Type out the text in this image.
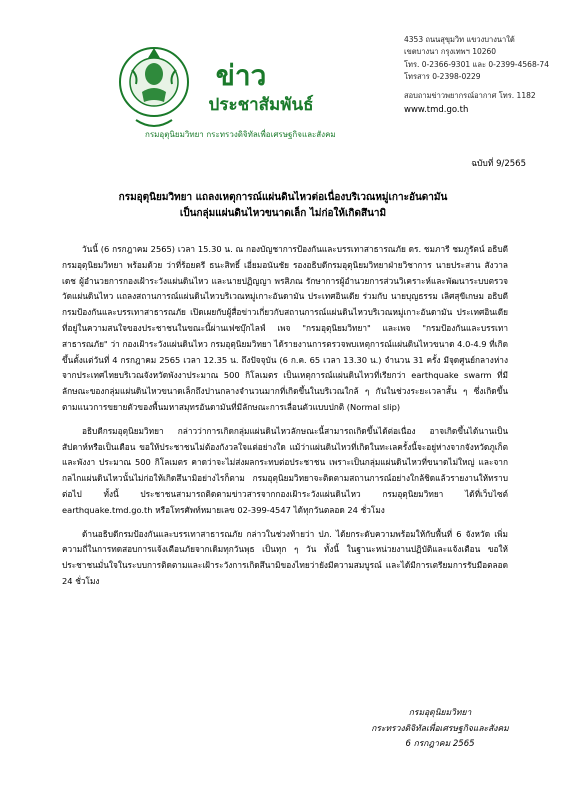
ข่าว
ประชาสัมพันธ์
กรมอุตุนิยมวิทยา กระทรวงดิจิทัลเพื่อเศรษฐกิจและสังคม
4353 ถนนสุขุมวิท แขวงบางนาใต้
เขตบางนา กรุงเทพฯ 10260
โทร. 0-2366-9301 และ 0-2399-4568-74
โทรสาร 0-2398-0229
สอบถามข่าวพยากรณ์อากาศ โทร. 1182
www.tmd.go.th
ฉบับที่ 9/2565
กรมอุตุนิยมวิทยา แถลงเหตุการณ์แผ่นดินไหวต่อเนื่องบริเวณหมู่เกาะอันดามัน
เป็นกลุ่มแผ่นดินไหวขนาดเล็ก ไม่ก่อให้เกิดสึนามิ

วันนี้ (6 กรกฎาคม 2565) เวลา 15.30 น. ณ กองบัญชาการป้องกันและบรรเทาสาธารณภัย ดร. ชมภารี ชมภูรัตน์ อธิบดีกรมอุตุนิยมวิทยา พร้อมด้วย ว่าที่ร้อยตรี ธนะสิทธิ์ เอี่ยมอนันชัย รองอธิบดีกรมอุตุนิยมวิทยาฝ่ายวิชาการ นายประสาน สังวาลเดช ผู้อำนวยการกองเฝ้าระวังแผ่นดินไหว และนายปฏิญญา พรสิภณ รักษาการผู้อำนวยการส่วนวิเคราะห์และพัฒนาระบบตรวจวัดแผ่นดินไหว แถลงสถานการณ์แผ่นดินไหวบริเวณหมู่เกาะอันดามัน ประเทศอินเดีย ร่วมกับ นายบุญธรรม เลิศสุขีเกษม อธิบดีกรมป้องกันและบรรเทาสาธารณภัย เปิดเผยกับผู้สื่อข่าวเกี่ยวกับสถานการณ์แผ่นดินไหวบริเวณหมู่เกาะอันดามัน ประเทศอินเดีย ที่อยู่ในความสนใจของประชาชนในขณะนี้ผ่านเฟซบุ๊กไลฟ์ เพจ "กรมอุตุนิยมวิทยา" และเพจ "กรมป้องกันและบรรเทาสาธารณภัย" ว่า กองเฝ้าระวังแผ่นดินไหว กรมอุตุนิยมวิทยา ได้รายงานการตรวจพบเหตุการณ์แผ่นดินไหวขนาด 4.0-4.9 ที่เกิดขึ้นตั้งแต่วันที่ 4 กรกฎาคม 2565 เวลา 12.35 น. ถึงปัจจุบัน (6 ก.ค. 65 เวลา 13.30 น.) จำนวน 31 ครั้ง มีจุดศูนย์กลางห่างจากประเทศไทยบริเวณจังหวัดพังงาประมาณ 500 กิโลเมตร เป็นเหตุการณ์แผ่นดินไหวที่เรียกว่า earthquake swarm ที่มีลักษณะของกลุ่มแผ่นดินไหวขนาดเล็กถึงปานกลางจำนวนมากที่เกิดขึ้นในบริเวณใกล้ ๆ กันในช่วงระยะเวลาสั้น ๆ ซึ่งเกิดขึ้นตามแนวการขยายตัวของพื้นมหาสมุทรอันดามันที่มีลักษณะการเลื่อนตัวแบบปกติ (Normal slip)

อธิบดีกรมอุตุนิยมวิทยา กล่าวว่าการเกิดกลุ่มแผ่นดินไหวลักษณะนี้สามารถเกิดขึ้นได้ต่อเนื่อง อาจเกิดขึ้นได้นานเป็นสัปดาห์หรือเป็นเดือน ขอให้ประชาชนไม่ต้องกังวลใจแต่อย่างใด แม้ว่าแผ่นดินไหวที่เกิดในทะเลครั้งนี้จะอยู่ห่างจากจังหวัดภูเก็ตและพังงา ประมาณ 500 กิโลเมตร คาดว่าจะไม่ส่งผลกระทบต่อประชาชน เพราะเป็นกลุ่มแผ่นดินไหวที่ขนาดไม่ใหญ่ และจากกลไกแผ่นดินไหวนั้นไม่ก่อให้เกิดสึนามิอย่างไรก็ตาม กรมอุตุนิยมวิทยาจะติดตามสถานการณ์อย่างใกล้ชิดแล้วรายงานให้ทราบต่อไป ทั้งนี้ ประชาชนสามารถติดตามข่าวสารจากกองเฝ้าระวังแผ่นดินไหว กรมอุตุนิยมวิทยา ได้ที่เว็บไซต์ earthquake.tmd.go.th หรือโทรศัพท์หมายเลข 02-399-4547 ได้ทุกวันตลอด 24 ชั่วโมง

ด้านอธิบดีกรมป้องกันและบรรเทาสาธารณภัย กล่าวในช่วงท้ายว่า ปภ. ได้ยกระดับความพร้อมให้กับพื้นที่ 6 จังหวัด เพิ่มความถี่ในการทดสอบการแจ้งเตือนภัยจากเดิมทุกวันพุธ เป็นทุก ๆ วัน ทั้งนี้ ในฐานะหน่วยงานปฏิบัติและแจ้งเตือน ขอให้ประชาชนมั่นใจในระบบการติดตามและเฝ้าระวังการเกิดสึนามิของไทยว่ายังมีความสมบูรณ์ และได้มีการเตรียมการรับมือตลอด 24 ชั่วโมง

กรมอุตุนิยมวิทยา
กระทรวงดิจิทัลเพื่อเศรษฐกิจและสังคม
6 กรกฎาคม 2565
